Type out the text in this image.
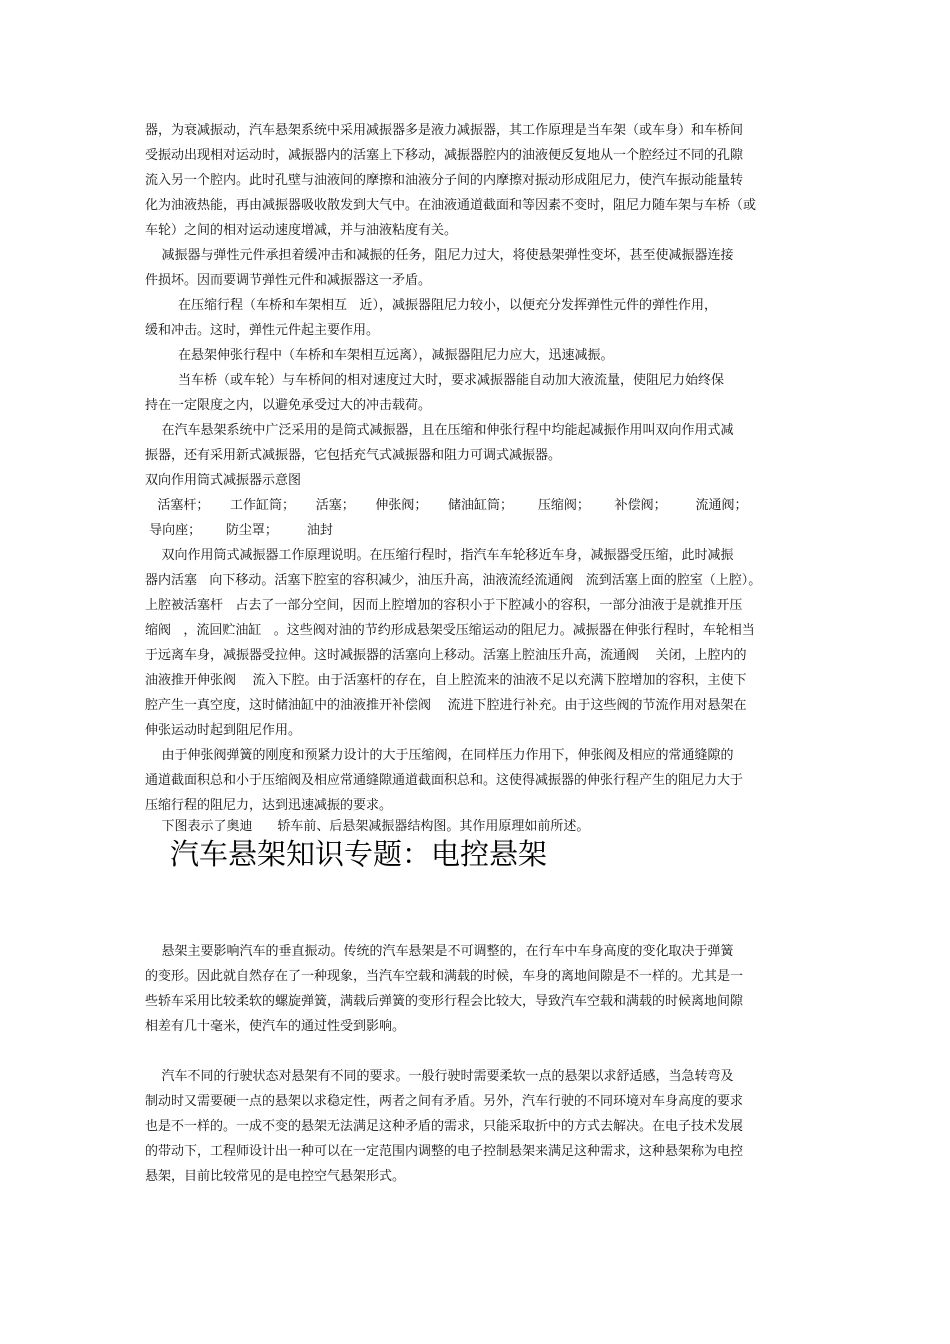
器，为衰减振动，汽车悬架系统中采用减振器多是液力减振器，其工作原理是当车架（或车身）和车桥间
受振动出现相对运动时，减振器内的活塞上下移动，减振器腔内的油液便反复地从一个腔经过不同的孔隙
流入另一个腔内。此时孔壁与油液间的摩擦和油液分子间的内摩擦对振动形成阻尼力，使汽车振动能量转
化为油液热能，再由减振器吸收散发到大气中。在油液通道截面和等因素不变时，阻尼力随车架与车桥（或
车轮）之间的相对运动速度增减，并与油液粘度有关。
减振器与弹性元件承担着缓冲击和减振的任务，阻尼力过大，将使悬架弹性变坏，甚至使减振器连接
件损坏。因而要调节弹性元件和减振器这一矛盾。
在压缩行程（车桥和车架相互   近），减振器阻尼力较小，以便充分发挥弹性元件的弹性作用，
缓和冲击。这时，弹性元件起主要作用。
在悬架伸张行程中（车桥和车架相互远离），减振器阻尼力应大，迅速减振。
当车桥（或车轮）与车桥间的相对速度过大时，要求减振器能自动加大液流量，使阻尼力始终保
持在一定限度之内，以避免承受过大的冲击载荷。
在汽车悬架系统中广泛采用的是筒式减振器，且在压缩和伸张行程中均能起减振作用叫双向作用式减
振器，还有采用新式减振器，它包括充气式减振器和阻力可调式减振器。
双向作用筒式减振器示意图
活塞杆；     工作缸筒；     活塞；     伸张阀；     储油缸筒；      压缩阀；      补偿阀；       流通阀；
导向座；      防尘罩；       油封
双向作用筒式减振器工作原理说明。在压缩行程时，指汽车车轮移近车身，减振器受压缩，此时减振
器内活塞   向下移动。活塞下腔室的容积减少，油压升高，油液流经流通阀   流到活塞上面的腔室（上腔）。
上腔被活塞杆   占去了一部分空间，因而上腔增加的容积小于下腔减小的容积，一部分油液于是就推开压
缩阀   ，流回贮油缸   。这些阀对油的节约形成悬架受压缩运动的阻尼力。减振器在伸张行程时，车轮相当
于远离车身，减振器受拉伸。这时减振器的活塞向上移动。活塞上腔油压升高，流通阀    关闭，上腔内的
油液推开伸张阀    流入下腔。由于活塞杆的存在，自上腔流来的油液不足以充满下腔增加的容积，主使下
腔产生一真空度，这时储油缸中的油液推开补偿阀    流进下腔进行补充。由于这些阀的节流作用对悬架在
伸张运动时起到阻尼作用。
由于伸张阀弹簧的刚度和预紧力设计的大于压缩阀，在同样压力作用下，伸张阀及相应的常通缝隙的
通道截面积总和小于压缩阀及相应常通缝隙通道截面积总和。这使得减振器的伸张行程产生的阻尼力大于
压缩行程的阻尼力，达到迅速减振的要求。
下图表示了奥迪      轿车前、后悬架减振器结构图。其作用原理如前所述。
汽车悬架知识专题：电控悬架
悬架主要影响汽车的垂直振动。传统的汽车悬架是不可调整的，在行车中车身高度的变化取决于弹簧
的变形。因此就自然存在了一种现象，当汽车空载和满载的时候，车身的离地间隙是不一样的。尤其是一
些轿车采用比较柔软的螺旋弹簧，满载后弹簧的变形行程会比较大，导致汽车空载和满载的时候离地间隙
相差有几十毫米，使汽车的通过性受到影响。
汽车不同的行驶状态对悬架有不同的要求。一般行驶时需要柔软一点的悬架以求舒适感，当急转弯及
制动时又需要硬一点的悬架以求稳定性，两者之间有矛盾。另外，汽车行驶的不同环境对车身高度的要求
也是不一样的。一成不变的悬架无法满足这种矛盾的需求，只能采取折中的方式去解决。在电子技术发展
的带动下，工程师设计出一种可以在一定范围内调整的电子控制悬架来满足这种需求，这种悬架称为电控
悬架，目前比较常见的是电控空气悬架形式。
